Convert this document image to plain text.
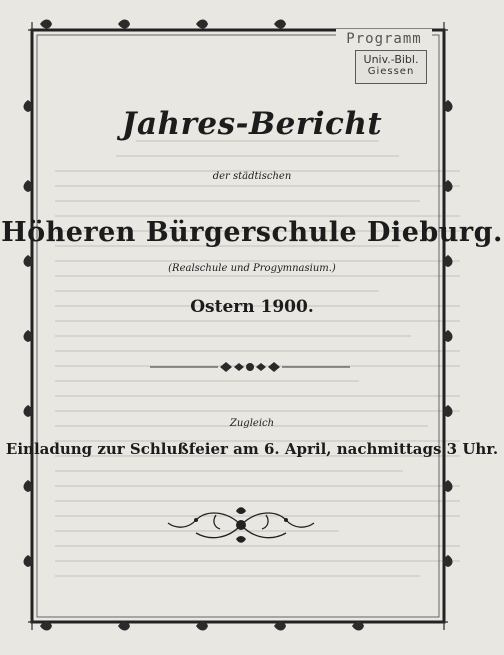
Programm
Univ.-Bibl.
Giessen
Jahres-Bericht
der städtischen
Höheren Bürgerschule Dieburg.
(Realschule und Progymnasium.)
Ostern 1900.
Zugleich
Einladung zur Schlußfeier am 6. April, nachmittags 3 Uhr.
